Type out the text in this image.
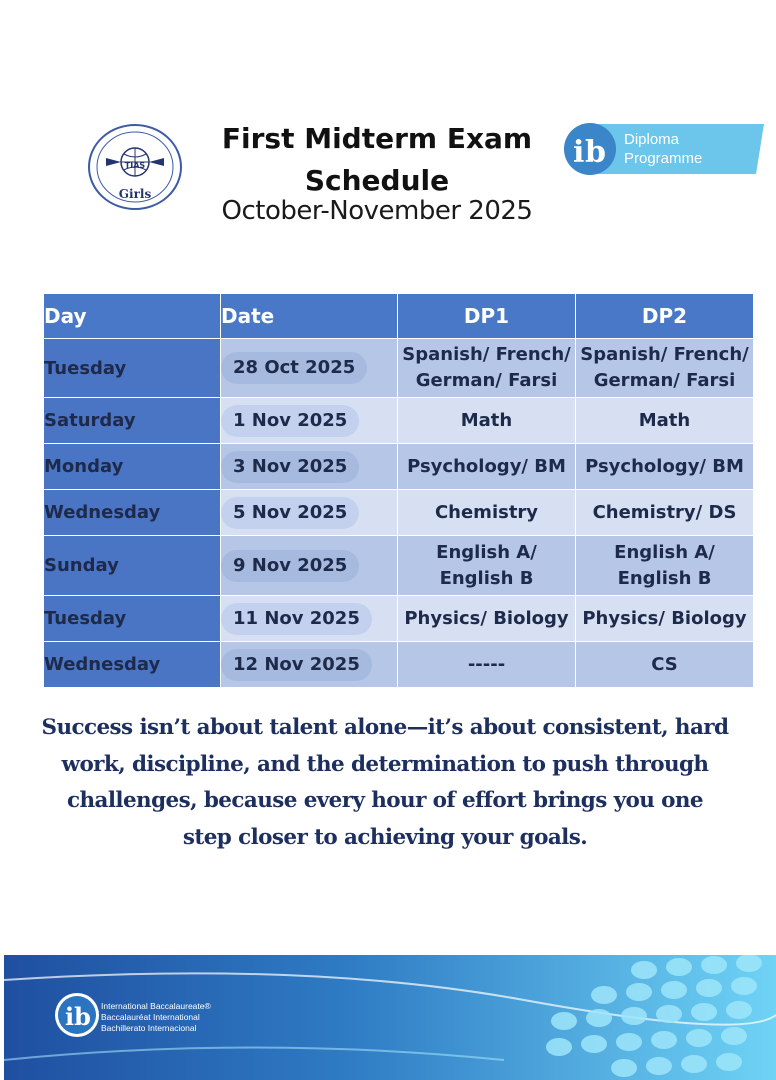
TIAS
Girls
First Midterm Exam
Schedule
October-November 2025
i b Diploma
Programme
Day	Date	DP1	DP2
Tuesday	28 Oct 2025	Spanish/ French/ German/ Farsi	Spanish/ French/ German/ Farsi
Saturday	1 Nov 2025	Math	Math
Monday	3 Nov 2025	Psychology/ BM	Psychology/ BM
Wednesday	5 Nov 2025	Chemistry	Chemistry/ DS
Sunday	9 Nov 2025	English A/ English B	English A/ English B
Tuesday	11 Nov 2025	Physics/ Biology	Physics/ Biology
Wednesday	12 Nov 2025	-----	CS
Success isn’t about talent alone—it’s about consistent, hard work, discipline, and the determination to push through challenges, because every hour of effort brings you one step closer to achieving your goals.
ib International Baccalaureate®
Baccalauréat International
Bachillerato Internacional
